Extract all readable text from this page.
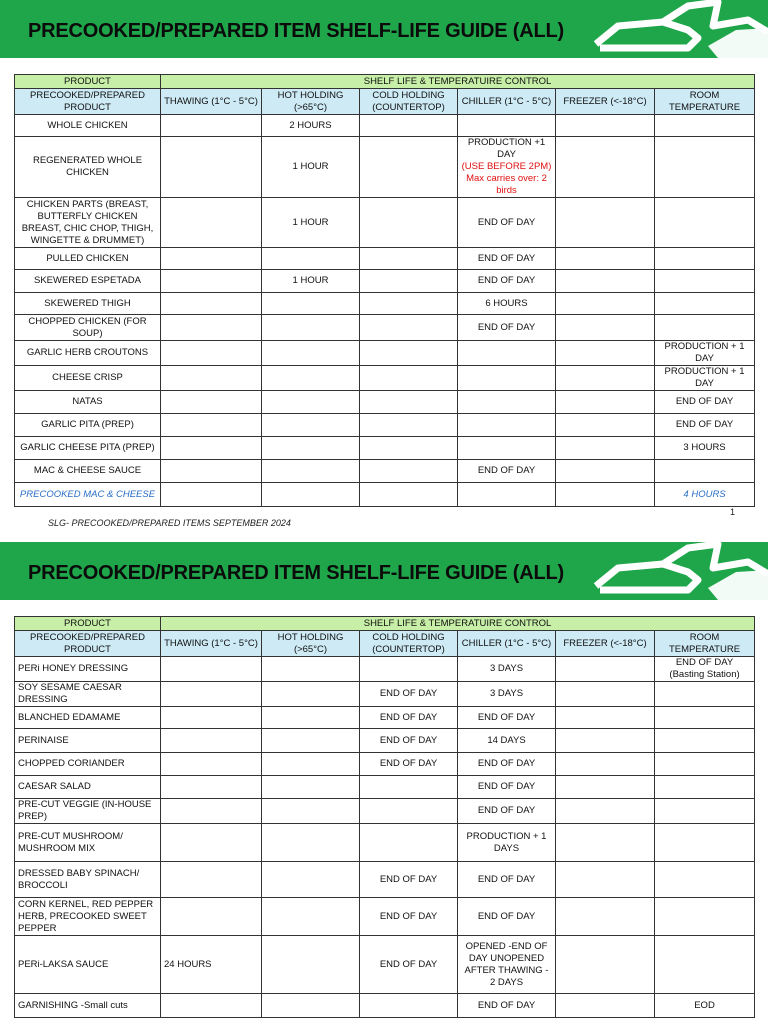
PRECOOKED/PREPARED ITEM SHELF-LIFE GUIDE (ALL)
PRODUCT	SHELF LIFE & TEMPERATUIRE CONTROL					
PRECOOKED/PREPARED PRODUCT	THAWING (1°C - 5°C)	HOT HOLDING (>65°C)	COLD HOLDING (COUNTERTOP)	CHILLER (1°C - 5°C)	FREEZER (<-18°C)	ROOM TEMPERATURE
WHOLE CHICKEN		2 HOURS				
REGENERATED WHOLE CHICKEN		1 HOUR		PRODUCTION +1 DAY
(USE BEFORE 2PM) Max carries over: 2 birds		

CHICKEN PARTS (BREAST, BUTTERFLY CHICKEN BREAST, CHIC CHOP, THIGH, WINGETTE & DRUMMET)		1 HOUR		END OF DAY		
PULLED CHICKEN				END OF DAY		
SKEWERED ESPETADA		1 HOUR		END OF DAY		
SKEWERED THIGH				6 HOURS		
CHOPPED CHICKEN (FOR SOUP)				END OF DAY		
GARLIC HERB CROUTONS						PRODUCTION + 1 DAY
CHEESE CRISP						PRODUCTION + 1 DAY
NATAS						END OF DAY
GARLIC PITA (PREP)						END OF DAY
GARLIC CHEESE PITA (PREP)						3 HOURS
MAC & CHEESE SAUCE				END OF DAY		
PRECOOKED MAC & CHEESE						4 HOURS
1
SLG- PRECOOKED/PREPARED ITEMS SEPTEMBER 2024
PRECOOKED/PREPARED ITEM SHELF-LIFE GUIDE (ALL)
PRODUCT	SHELF LIFE & TEMPERATUIRE CONTROL					
PRECOOKED/PREPARED PRODUCT	THAWING (1°C - 5°C)	HOT HOLDING (>65°C)	COLD HOLDING (COUNTERTOP)	CHILLER (1°C - 5°C)	FREEZER (<-18°C)	ROOM TEMPERATURE
PERi HONEY DRESSING				3 DAYS		END OF DAY (Basting Station)
SOY SESAME CAESAR DRESSING			END OF DAY	3 DAYS		
BLANCHED EDAMAME			END OF DAY	END OF DAY		
PERINAISE			END OF DAY	14 DAYS		
CHOPPED CORIANDER			END OF DAY	END OF DAY		
CAESAR SALAD				END OF DAY		
PRE-CUT VEGGIE (IN-HOUSE PREP)				END OF DAY		
PRE-CUT MUSHROOM/ MUSHROOM MIX				PRODUCTION + 1 DAYS		
DRESSED BABY SPINACH/ BROCCOLI			END OF DAY	END OF DAY		
CORN KERNEL, RED PEPPER HERB, PRECOOKED SWEET PEPPER			END OF DAY	END OF DAY		
PERi-LAKSA SAUCE	24 HOURS		END OF DAY	OPENED -END OF DAY UNOPENED AFTER THAWING - 2 DAYS		
GARNISHING -Small cuts				END OF DAY		EOD
